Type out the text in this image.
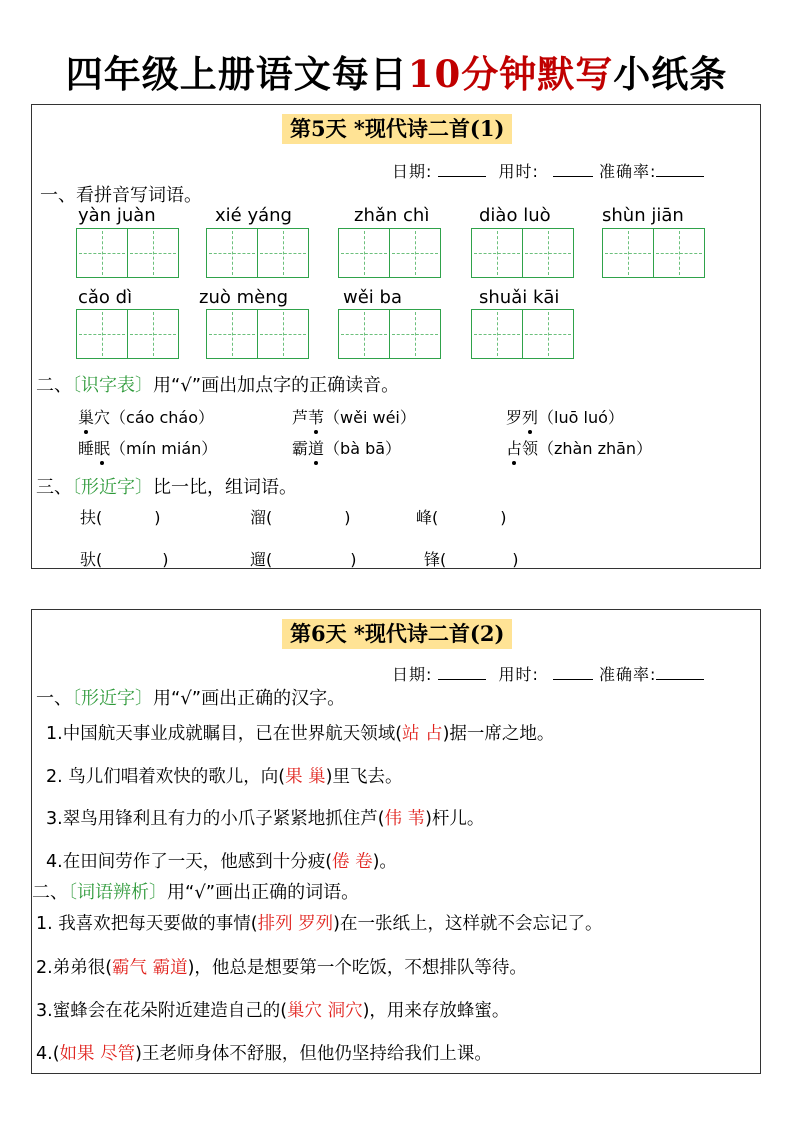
四年级上册语文每日10分钟默写小纸条
第5天 *现代诗二首(1)
日期:	用时:	准确率:
一、看拼音写词语。
yàn juàn	xié yáng	zhǎn chì	diào luò	shùn jiān
cǎo dì	zuò mèng	wěi ba	shuǎi kāi
二、〔识字表〕用“√”画出加点字的正确读音。
巢穴（cáo cháo）	芦苇（wěi wéi）	罗列（luō luó）
睡眠（mín mián）	霸道（bà bā）	占领（zhàn zhān）
三、〔形近字〕比一比，组词语。
扶(	)	溜(	)	峰(	)
驮(	)	遛(	)	锋(	)
第6天 *现代诗二首(2)
日期:	用时:	准确率:
一、〔形近字〕用“√”画出正确的汉字。
1.中国航天事业成就瞩目，已在世界航天领域(站 占)据一席之地。
2. 鸟儿们唱着欢快的歌儿，向(果 巢)里飞去。
3.翠鸟用锋利且有力的小爪子紧紧地抓住芦(伟 苇)杆儿。
4.在田间劳作了一天，他感到十分疲(倦 卷)。
二、〔词语辨析〕用“√”画出正确的词语。
1. 我喜欢把每天要做的事情(排列 罗列)在一张纸上，这样就不会忘记了。
2.弟弟很(霸气 霸道)，他总是想要第一个吃饭，不想排队等待。
3.蜜蜂会在花朵附近建造自己的(巢穴 洞穴)，用来存放蜂蜜。
4.(如果 尽管)王老师身体不舒服，但他仍坚持给我们上课。
